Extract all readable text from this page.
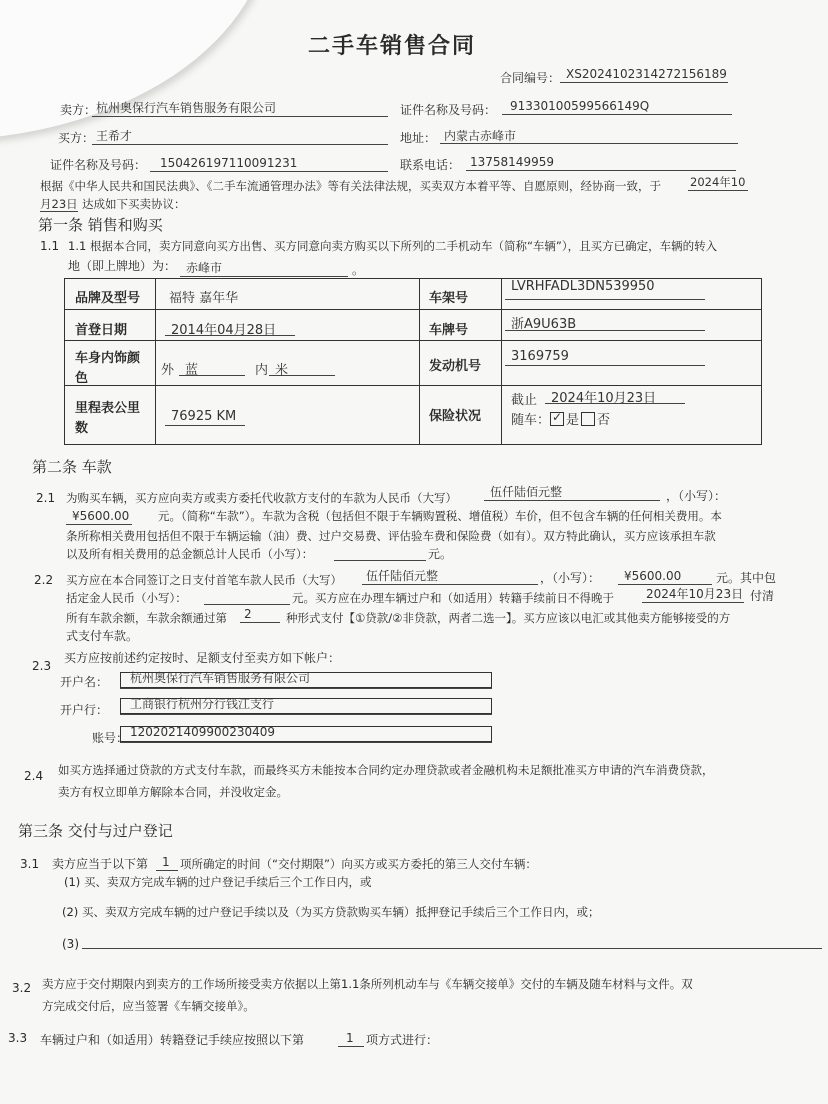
二手车销售合同
合同编号： XS2024102314272156189
卖方： 杭州奥保行汽车销售服务有限公司	证件名称及号码： 91330100599566149Q
买方： 王希才	地址： 内蒙古赤峰市
证件名称及号码： 150426197110091231	联系电话： 13758149959
根据《中华人民共和国民法典》、《二手车流通管理办法》等有关法律法规，买卖双方本着平等、自愿原则，经协商一致，于	2024年10
月23日 达成如下买卖协议：
第一条 销售和购买
1.1 1.1 根据本合同，卖方同意向买方出售、买方同意向卖方购买以下所列的二手机动车（简称“车辆”），且买方已确定，车辆的转入
地（即上牌地）为： 赤峰市	。
品牌及型号 福特 嘉年华	车架号
LVRHFADL3DN539950
首登日期	2014年04月28日	车牌号	浙A9U63B
车身内饰颜
色
外 蓝	内 米	发动机号
3169759
里程表公里
数
76925 KM	保险状况
截止 2024年10月23日
随车：✓ 是 否
第二条 车款
2.1 为购买车辆，买方应向卖方或卖方委托代收款方支付的车款为人民币（大写）	伍仟陆佰元整	，（小写）：
¥5600.00 元。（简称“车款”）。车款为含税（包括但不限于车辆购置税、增值税）车价，但不包含车辆的任何相关费用。本
条所称相关费用包括但不限于车辆运输（油）费、过户交易费、评估验车费和保险费（如有）。双方特此确认，买方应该承担车款
以及所有相关费用的总金额总计人民币（小写）：	元。
2.2 买方应在本合同签订之日支付首笔车款人民币（大写） 伍仟陆佰元整	，（小写）： ¥5600.00	元。其中包
括定金人民币（小写）：	元。买方应在办理车辆过户和（如适用）转籍手续前日不得晚于	2024年10月23日 付清
所有车款余额，车款余额通过第 2	种形式支付【①贷款/②非贷款，两者二选一】。买方应该以电汇或其他卖方能够接受的方
式支付车款。
2.3
买方应按前述约定按时、足额支付至卖方如下帐户：
开户名： 杭州奥保行汽车销售服务有限公司
开户行： 工商银行杭州分行钱江支行
账号： 1202021409900230409
2.4 如买方选择通过贷款的方式支付车款，而最终买方未能按本合同约定办理贷款或者金融机构未足额批准买方申请的汽车消费贷款，
卖方有权立即单方解除本合同，并没收定金。
第三条 交付与过户登记
3.1 卖方应当于以下第 1 项所确定的时间（“交付期限”）向买方或买方委托的第三人交付车辆：
(1) 买、卖双方完成车辆的过户登记手续后三个工作日内，或
(2) 买、卖双方完成车辆的过户登记手续以及（为买方贷款购买车辆）抵押登记手续后三个工作日内，或；
(3)
3.2 卖方应于交付期限内到卖方的工作场所接受卖方依据以上第1.1条所列机动车与《车辆交接单》交付的车辆及随车材料与文件。双
方完成交付后，应当签署《车辆交接单》。
3.3 车辆过户和（如适用）转籍登记手续应按照以下第	1 项方式进行：
